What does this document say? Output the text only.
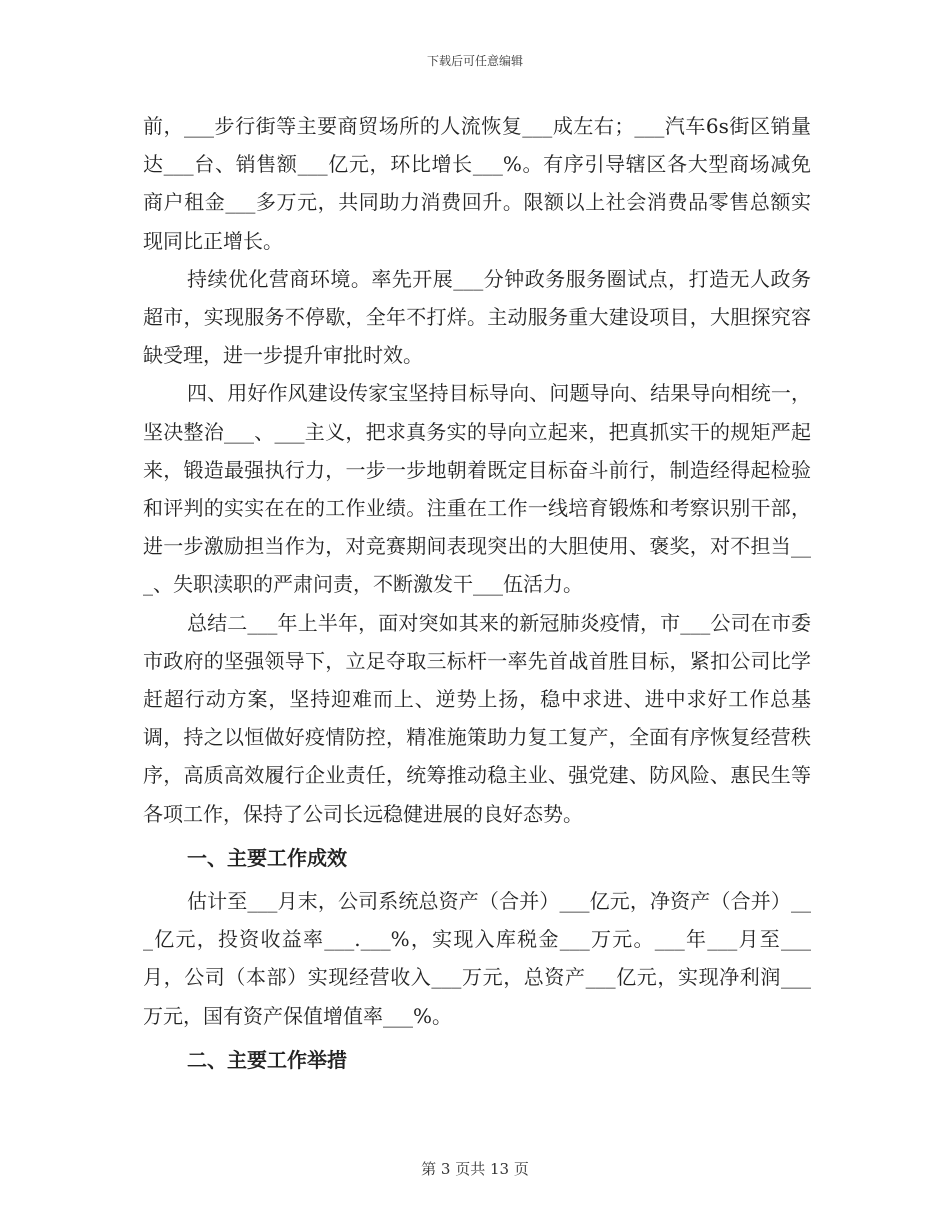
下载后可任意编辑

前，___步行街等主要商贸场所的人流恢复___成左右；___汽车6s街区销量达___台、销售额___亿元，环比增长___%。有序引导辖区各大型商场减免商户租金___多万元，共同助力消费回升。限额以上社会消费品零售总额实现同比正增长。

持续优化营商环境。率先开展___分钟政务服务圈试点，打造无人政务超市，实现服务不停歇，全年不打烊。主动服务重大建设项目，大胆探究容缺受理，进一步提升审批时效。

四、用好作风建设传家宝坚持目标导向、问题导向、结果导向相统一，坚决整治___、___主义，把求真务实的导向立起来，把真抓实干的规矩严起来，锻造最强执行力，一步一步地朝着既定目标奋斗前行，制造经得起检验和评判的实实在在的工作业绩。注重在工作一线培育锻炼和考察识别干部，进一步激励担当作为，对竞赛期间表现突出的大胆使用、褒奖，对不担当___、失职渎职的严肃问责，不断激发干___伍活力。

总结二___年上半年，面对突如其来的新冠肺炎疫情，市___公司在市委市政府的坚强领导下，立足夺取三标杆一率先首战首胜目标，紧扣公司比学赶超行动方案，坚持迎难而上、逆势上扬，稳中求进、进中求好工作总基调，持之以恒做好疫情防控，精准施策助力复工复产，全面有序恢复经营秩序，高质高效履行企业责任，统筹推动稳主业、强党建、防风险、惠民生等各项工作，保持了公司长远稳健进展的良好态势。

一、主要工作成效

估计至___月末，公司系统总资产（合并）___亿元，净资产（合并）___亿元，投资收益率___.___%，实现入库税金___万元。___年___月至___月，公司（本部）实现经营收入___万元，总资产___亿元，实现净利润___万元，国有资产保值增值率___%。

二、主要工作举措

第 3 页共 13 页
